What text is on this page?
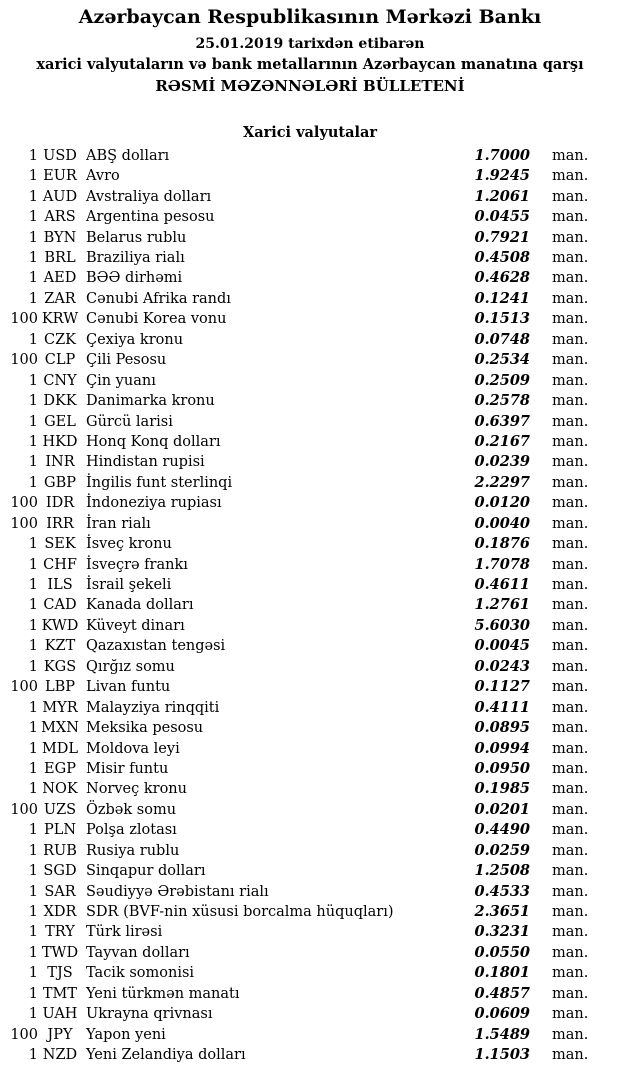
Azərbaycan Respublikasının Mərkəzi Bankı
25.01.2019 tarixdən etibarən
xarici valyutaların və bank metallarının Azərbaycan manatına qarşı
RƏSMİ MƏZƏNNƏLƏRİ BÜLLETENİ
Xarici valyutalar
1 USD ABŞ dolları	1.7000	man.
1 EUR Avro	1.9245	man.
1 AUD Avstraliya dolları	1.2061	man.
1 ARS Argentina pesosu	0.0455	man.
1 BYN Belarus rublu	0.7921	man.
1 BRL Braziliya rialı	0.4508	man.
1 AED BƏƏ dirhəmi	0.4628	man.
1 ZAR Cənubi Afrika randı	0.1241	man.
100 KRW Cənubi Korea vonu	0.1513	man.
1 CZK Çexiya kronu	0.0748	man.
100 CLP Çili Pesosu	0.2534	man.
1 CNY Çin yuanı	0.2509	man.
1 DKK Danimarka kronu	0.2578	man.
1 GEL Gürcü larisi	0.6397	man.
1 HKD Honq Konq dolları	0.2167	man.
1 INR Hindistan rupisi	0.0239	man.
1 GBP İngilis funt sterlinqi	2.2297	man.
100 IDR İndoneziya rupiası	0.0120	man.
100 IRR İran rialı	0.0040	man.
1 SEK İsveç kronu	0.1876	man.
1 CHF İsveçrə frankı	1.7078	man.
1 ILS İsrail şekeli	0.4611	man.
1 CAD Kanada dolları	1.2761	man.
1 KWD Küveyt dinarı	5.6030	man.
1 KZT Qazaxıstan tengəsi	0.0045	man.
1 KGS Qırğız somu	0.0243	man.
100 LBP Livan funtu	0.1127	man.
1 MYR Malayziya rinqqiti	0.4111	man.
1 MXN Meksika pesosu	0.0895	man.
1 MDL Moldova leyi	0.0994	man.
1 EGP Misir funtu	0.0950	man.
1 NOK Norveç kronu	0.1985	man.
100 UZS Özbək somu	0.0201	man.
1 PLN Polşa zlotası	0.4490	man.
1 RUB Rusiya rublu	0.0259	man.
1 SGD Sinqapur dolları	1.2508	man.
1 SAR Səudiyyə Ərəbistanı rialı	0.4533	man.
1 XDR SDR (BVF-nin xüsusi borcalma hüquqları)	2.3651	man.
1 TRY Türk lirəsi	0.3231	man.
1 TWD Tayvan dolları	0.0550	man.
1 TJS Tacik somonisi	0.1801	man.
1 TMT Yeni türkmən manatı	0.4857	man.
1 UAH Ukrayna qrivnası	0.0609	man.
100 JPY Yapon yeni	1.5489	man.
1 NZD Yeni Zelandiya dolları	1.1503	man.
